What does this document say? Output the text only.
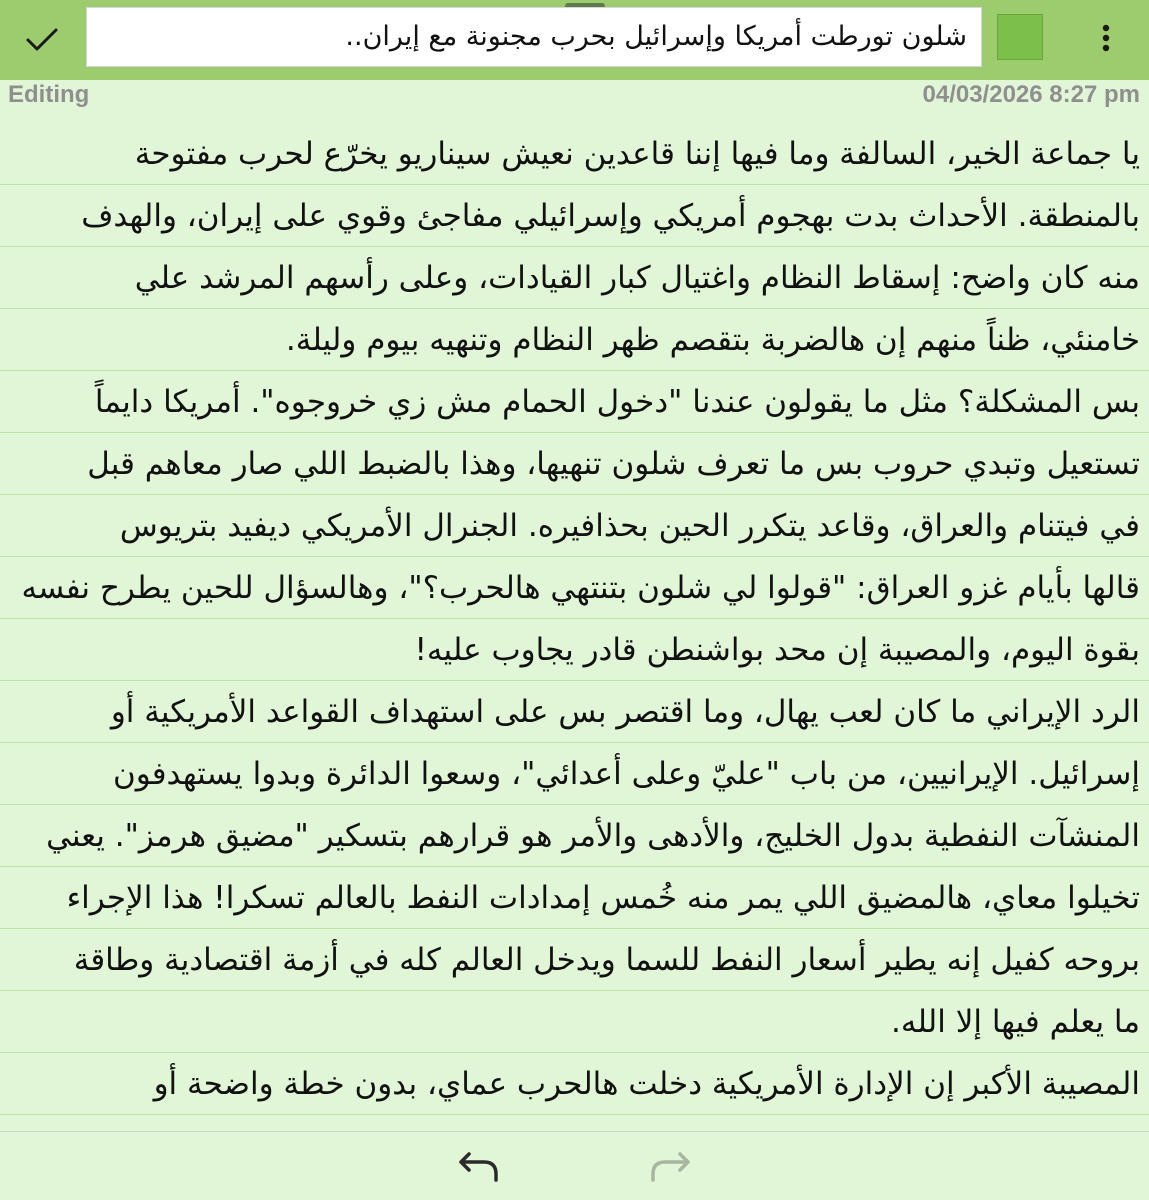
شلون تورطت أمريكا وإسرائيل بحرب مجنونة مع إيران..
Editing	04/03/2026 8:27 pm
يا جماعة الخير، السالفة وما فيها إننا قاعدين نعيش سيناريو يخرّع لحرب مفتوحة
بالمنطقة. الأحداث بدت بهجوم أمريكي وإسرائيلي مفاجئ وقوي على إيران، والهدف
منه كان واضح: إسقاط النظام واغتيال كبار القيادات، وعلى رأسهم المرشد علي
خامنئي، ظناً منهم إن هالضربة بتقصم ظهر النظام وتنهيه بيوم وليلة.
بس المشكلة؟ مثل ما يقولون عندنا "دخول الحمام مش زي خروجوه". أمريكا دايماً
تستعيل وتبدي حروب بس ما تعرف شلون تنهيها، وهذا بالضبط اللي صار معاهم قبل
في فيتنام والعراق، وقاعد يتكرر الحين بحذافيره. الجنرال الأمريكي ديفيد بتريوس
قالها بأيام غزو العراق: "قولوا لي شلون بتنتهي هالحرب؟"، وهالسؤال للحين يطرح نفسه
بقوة اليوم، والمصيبة إن محد بواشنطن قادر يجاوب عليه!
الرد الإيراني ما كان لعب يهال، وما اقتصر بس على استهداف القواعد الأمريكية أو
إسرائيل. الإيرانيين، من باب "عليّ وعلى أعدائي"، وسعوا الدائرة وبدوا يستهدفون
المنشآت النفطية بدول الخليج، والأدهى والأمر هو قرارهم بتسكير "مضيق هرمز". يعني
تخيلوا معاي، هالمضيق اللي يمر منه خُمس إمدادات النفط بالعالم تسكرا! هذا الإجراء
بروحه كفيل إنه يطير أسعار النفط للسما ويدخل العالم كله في أزمة اقتصادية وطاقة
ما يعلم فيها إلا الله.
المصيبة الأكبر إن الإدارة الأمريكية دخلت هالحرب عماي، بدون خطة واضحة أو
